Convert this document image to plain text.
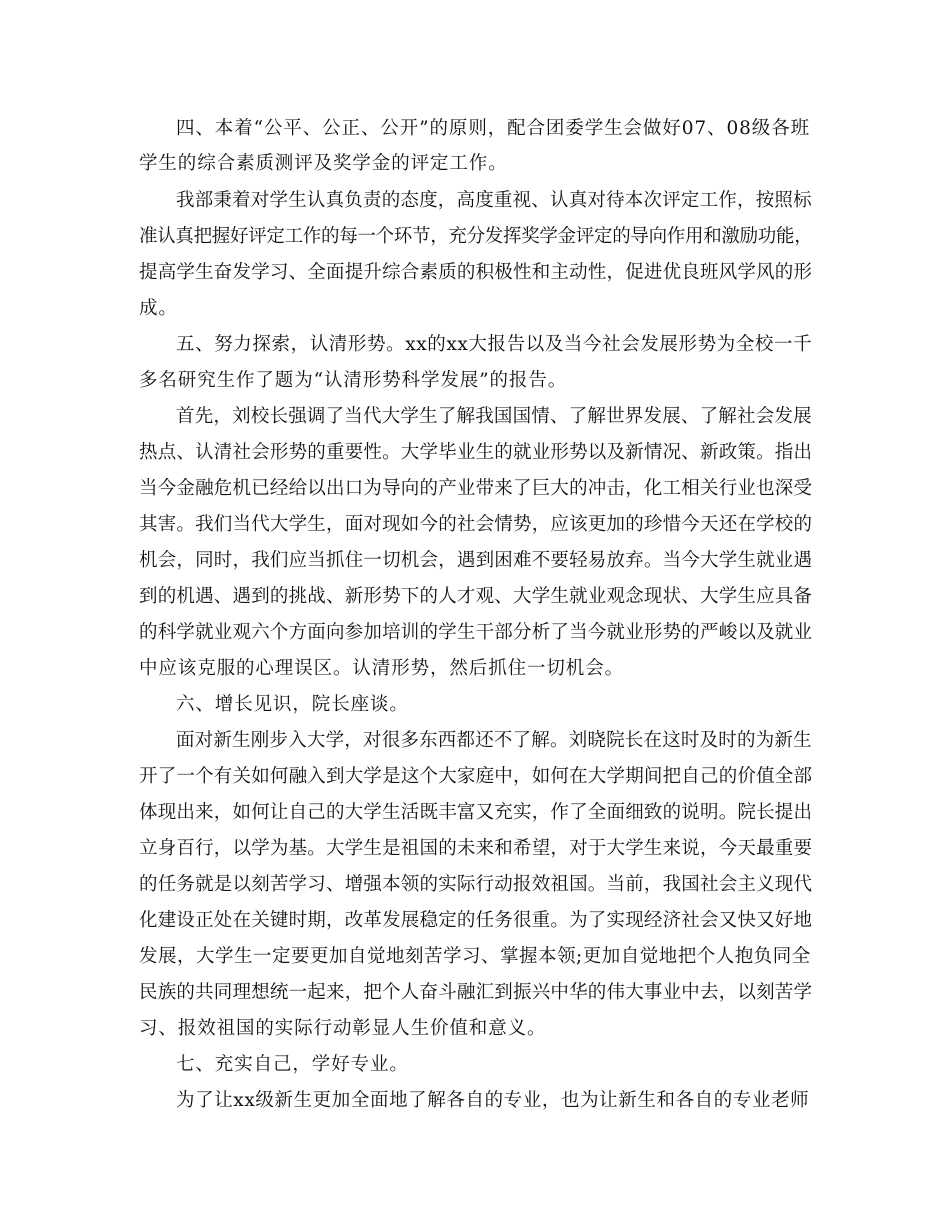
四、本着“公平、公正、公开”的原则，配合团委学生会做好07、08级各班
学生的综合素质测评及奖学金的评定工作。
我部秉着对学生认真负责的态度，高度重视、认真对待本次评定工作，按照标
准认真把握好评定工作的每一个环节，充分发挥奖学金评定的导向作用和激励功能，
提高学生奋发学习、全面提升综合素质的积极性和主动性，促进优良班风学风的形
成。
五、努力探索，认清形势。xx的xx大报告以及当今社会发展形势为全校一千
多名研究生作了题为“认清形势科学发展”的报告。
首先，刘校长强调了当代大学生了解我国国情、了解世界发展、了解社会发展
热点、认清社会形势的重要性。大学毕业生的就业形势以及新情况、新政策。指出
当今金融危机已经给以出口为导向的产业带来了巨大的冲击，化工相关行业也深受
其害。我们当代大学生，面对现如今的社会情势，应该更加的珍惜今天还在学校的
机会，同时，我们应当抓住一切机会，遇到困难不要轻易放弃。当今大学生就业遇
到的机遇、遇到的挑战、新形势下的人才观、大学生就业观念现状、大学生应具备
的科学就业观六个方面向参加培训的学生干部分析了当今就业形势的严峻以及就业
中应该克服的心理误区。认清形势，然后抓住一切机会。
六、增长见识，院长座谈。
面对新生刚步入大学，对很多东西都还不了解。刘晓院长在这时及时的为新生
开了一个有关如何融入到大学是这个大家庭中，如何在大学期间把自己的价值全部
体现出来，如何让自己的大学生活既丰富又充实，作了全面细致的说明。院长提出
立身百行，以学为基。大学生是祖国的未来和希望，对于大学生来说，今天最重要
的任务就是以刻苦学习、增强本领的实际行动报效祖国。当前，我国社会主义现代
化建设正处在关键时期，改革发展稳定的任务很重。为了实现经济社会又快又好地
发展，大学生一定要更加自觉地刻苦学习、掌握本领;更加自觉地把个人抱负同全
民族的共同理想统一起来，把个人奋斗融汇到振兴中华的伟大事业中去，以刻苦学
习、报效祖国的实际行动彰显人生价值和意义。
七、充实自己，学好专业。
为了让xx级新生更加全面地了解各自的专业，也为让新生和各自的专业老师
